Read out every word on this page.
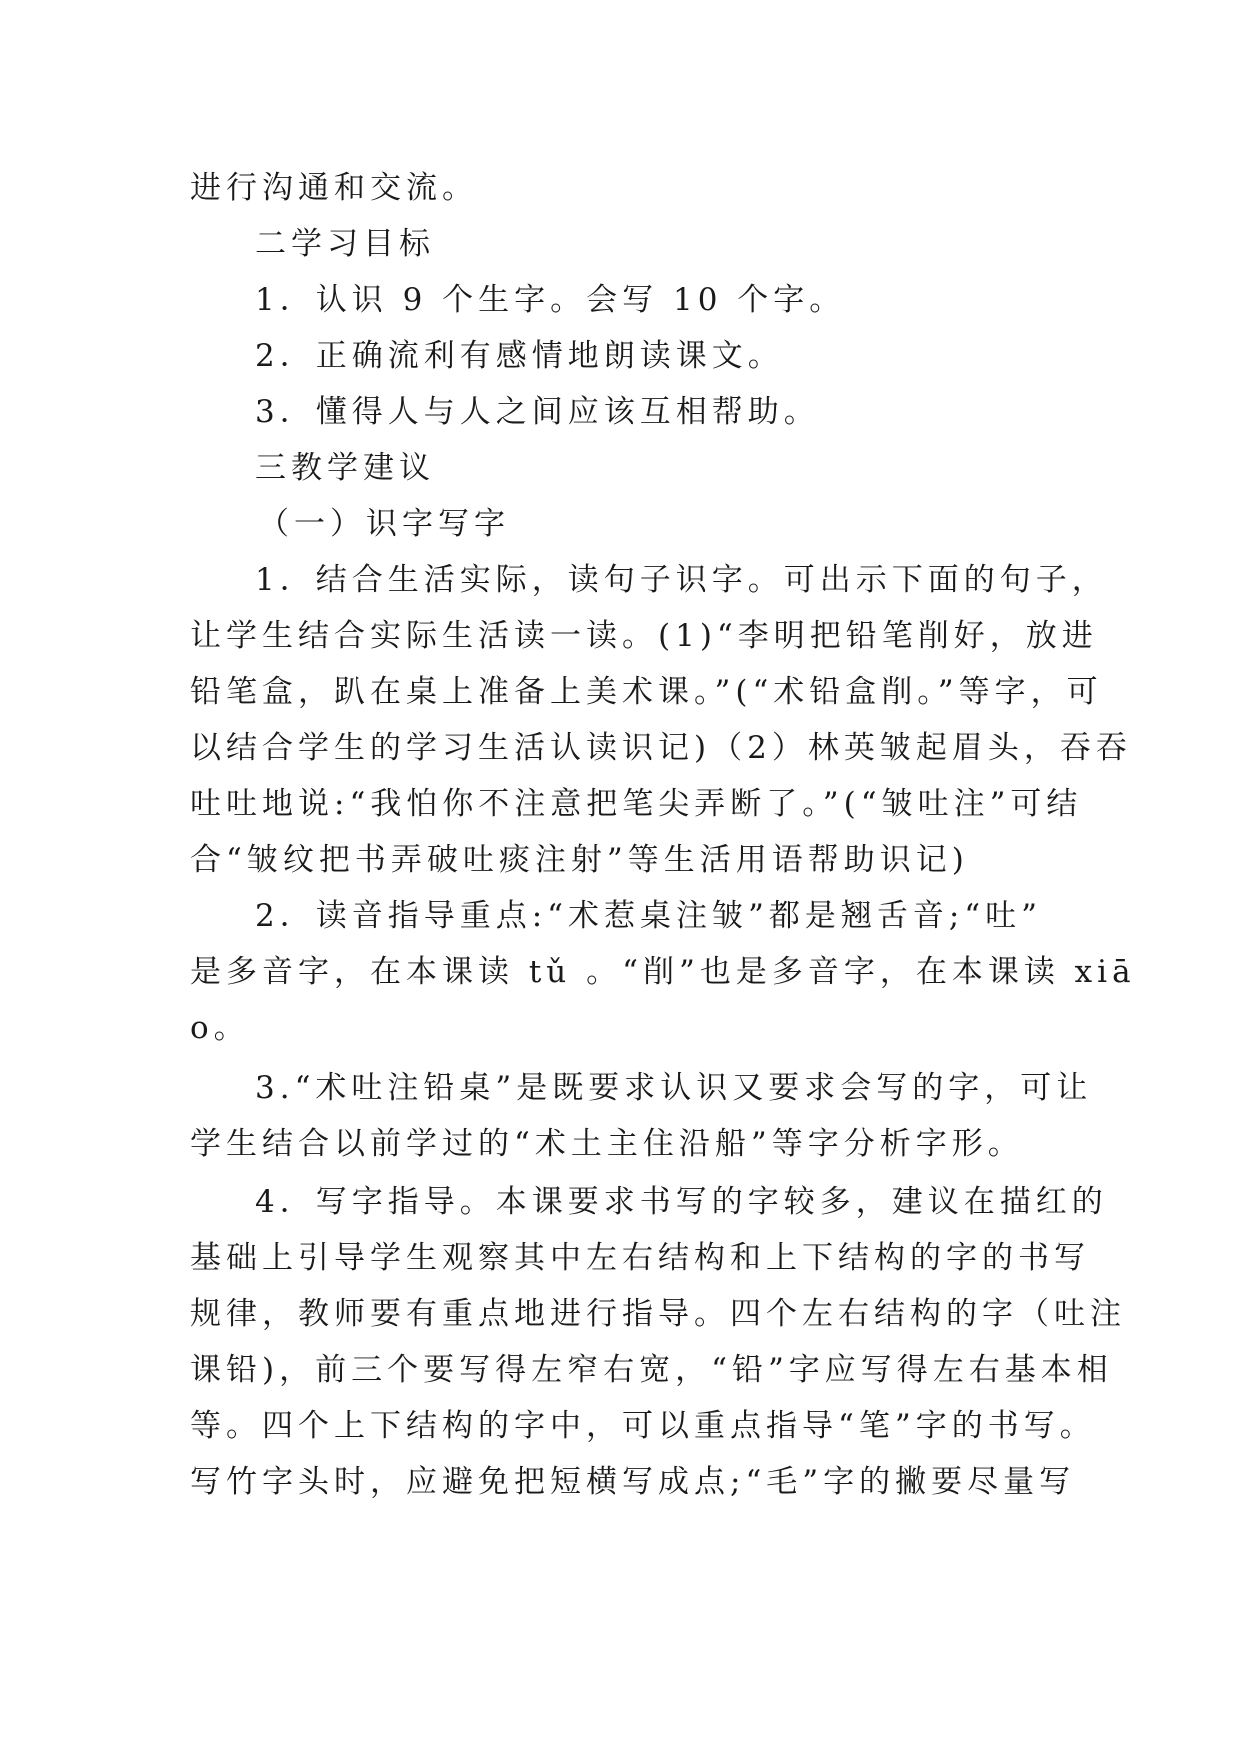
进行沟通和交流。
二学习目标
1．认识 9 个生字。会写 10 个字。
2．正确流利有感情地朗读课文。
3．懂得人与人之间应该互相帮助。
三教学建议
（一）识字写字
1．结合生活实际，读句子识字。可出示下面的句子，
让学生结合实际生活读一读。(1)“李明把铅笔削好，放进
铅笔盒，趴在桌上准备上美术课。”(“术铅盒削。”等字，可
以结合学生的学习生活认读识记)（2）林英皱起眉头，吞吞
吐吐地说:“我怕你不注意把笔尖弄断了。”(“皱吐注”可结
合“皱纹把书弄破吐痰注射”等生活用语帮助识记)
2．读音指导重点:“术惹桌注皱”都是翘舌音;“吐”
是多音字，在本课读 tǔ 。“削”也是多音字，在本课读 xiā
o。
3.“术吐注铅桌”是既要求认识又要求会写的字，可让
学生结合以前学过的“术土主住沿船”等字分析字形。
4．写字指导。本课要求书写的字较多，建议在描红的
基础上引导学生观察其中左右结构和上下结构的字的书写
规律，教师要有重点地进行指导。四个左右结构的字（吐注
课铅)，前三个要写得左窄右宽，“铅”字应写得左右基本相
等。四个上下结构的字中，可以重点指导“笔”字的书写。
写竹字头时，应避免把短横写成点;“毛”字的撇要尽量写
